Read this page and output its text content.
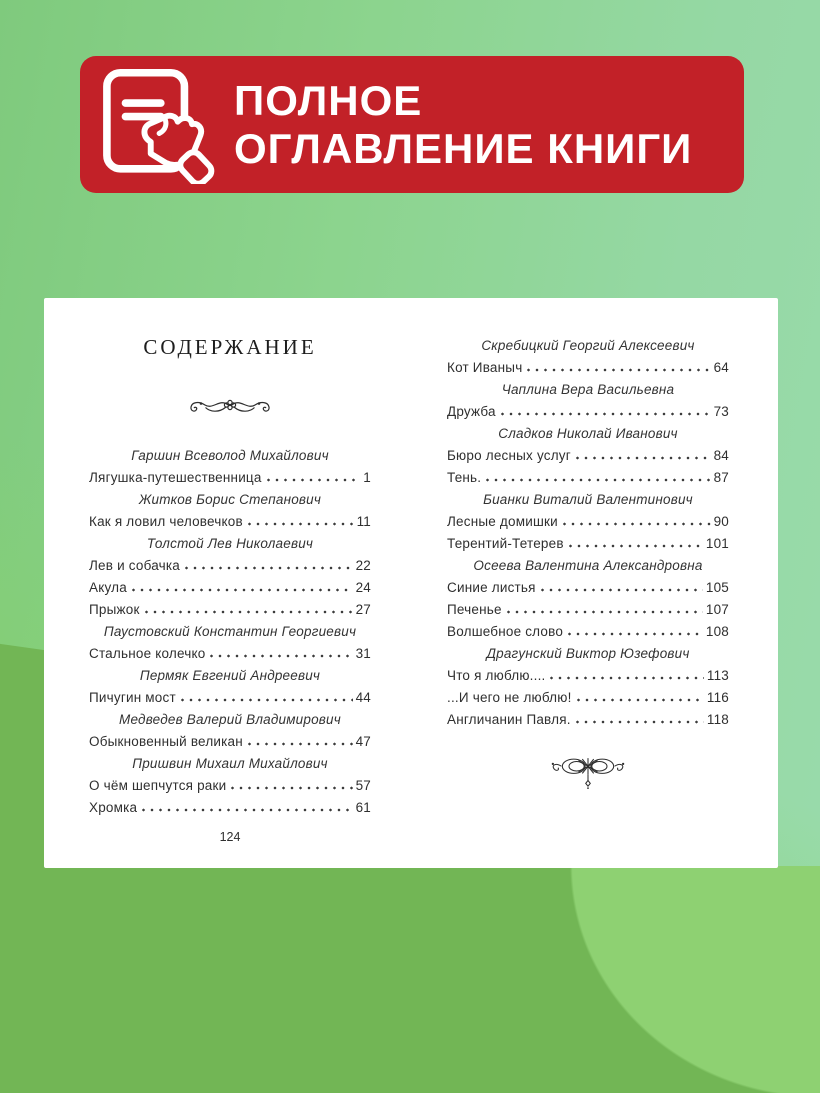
ПОЛНОЕ
ОГЛАВЛЕНИЕ КНИГИ
СОДЕРЖАНИЕ
Гаршин Всеволод Михайлович
Лягушка-путешественница	1
Житков Борис Степанович
Как я ловил человечков	11
Толстой Лев Николаевич
Лев и собачка	22
Акула	24
Прыжок	27
Паустовский Константин Георгиевич
Стальное колечко	31
Пермяк Евгений Андреевич
Пичугин мост	44
Медведев Валерий Владимирович
Обыкновенный великан	47
Пришвин Михаил Михайлович
О чём шепчутся раки	57
Хромка	61
124
Скребицкий Георгий Алексеевич
Кот Иваныч	64
Чаплина Вера Васильевна
Дружба	73
Сладков Николай Иванович
Бюро лесных услуг	84
Тень.	87
Бианки Виталий Валентинович
Лесные домишки	90
Терентий-Тетерев	101
Осеева Валентина Александровна
Синие листья	105
Печенье	107
Волшебное слово	108
Драгунский Виктор Юзефович
Что я люблю....	113
...И чего не люблю!	116
Англичанин Павля.	118
